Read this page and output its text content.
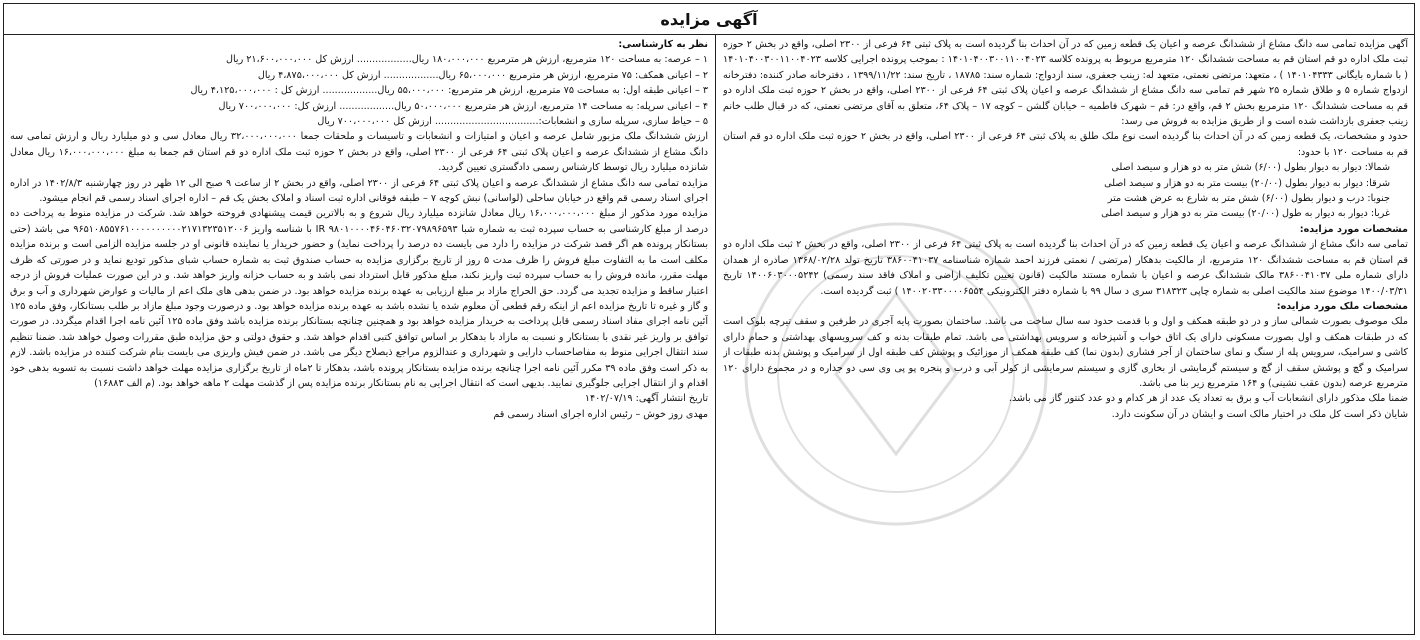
آگهی مزایده

آگهی مزایده تمامی سه دانگ مشاع از ششدانگ عرصه و اعیان یک قطعه زمین که در آن احداث بنا گردیده است به پلاک ثبتی ۶۴ فرعی از ۲۳۰۰ اصلی، واقع در بخش ۲ حوزه ثبت ملک اداره دو قم استان قم به مساحت ششدانگ ۱۲۰ مترمربع مربوط به پرونده کلاسه ۱۴۰۱۰۴۰۰۳۰۰۱۱۰۰۴۰۲۳ : بموجب پرونده اجرایی کلاسه ۱۴۰۱۰۴۰۰۳۰۰۱۱۰۰۴۰۲۳ ( با شماره بایگانی ۱۴۰۱۰۴۳۳۳ ) ، متعهد: مرتضی نعمتی، متعهد له: زینب جعفری، سند ازدواج: شماره سند: ۱۸۷۸۵ ، تاریخ سند: ۱۳۹۹/۱۱/۲۲ ، دفترخانه صادر کننده: دفترخانه ازدواج شماره ۵ و طلاق شماره ۲۵ شهر قم تمامی سه دانگ مشاع از ششدانگ عرصه و اعیان پلاک ثبتی ۶۴ فرعی از ۲۳۰۰ اصلی، واقع در بخش ۲ حوزه ثبت ملک اداره دو قم به مساحت ششدانگ ۱۲۰ مترمربع بخش ۲ قم، واقع در: قم – شهرک فاطمیه – خیابان گلشن – کوچه ۱۷ – پلاک ۶۴، متعلق به آقای مرتضی نعمتی، که در قبال طلب خانم زینب جعفری بازداشت شده است و از طریق مزایده به فروش می رسد:

حدود و مشخصات، یک قطعه زمین که در آن احداث بنا گردیده است نوع ملک طلق به پلاک ثبتی ۶۴ فرعی از ۲۳۰۰ اصلی، واقع در بخش ۲ حوزه ثبت ملک اداره دو قم استان قم به مساحت ۱۲۰ با حدود:

شمالا: دیوار به دیوار بطول (۶/۰۰) شش متر به دو هزار و سیصد اصلی

شرقا: دیوار به دیوار بطول (۲۰/۰۰) بیست متر به دو هزار و سیصد اصلی

جنوبا: درب و دیوار بطول (۶/۰۰) شش متر به شارع به عرض هشت متر

غربا: دیوار به دیوار به طول (۲۰/۰۰) بیست متر به دو هزار و سیصد اصلی

مشخصات مورد مزایده:

تمامی سه دانگ مشاع از ششدانگ عرصه و اعیان یک قطعه زمین که در آن احداث بنا گردیده است به پلاک ثبتی ۶۴ فرعی از ۲۳۰۰ اصلی، واقع در بخش ۲ ثبت ملک اداره دو قم استان قم به مساحت ششدانگ ۱۲۰ مترمربع، از مالکیت بدهکار (مرتضی / نعمتی فرزند احمد شماره شناسنامه ۳۸۶۰۰۴۱۰۳۷ تاریخ تولد ۱۳۶۸/۰۲/۲۸ صادره از همدان دارای شماره ملی ۳۸۶۰۰۴۱۰۳۷ مالک ششدانگ عرصه و اعیان با شماره مستند مالکیت (قانون تعیین تکلیف اراضی و املاک فاقد سند رسمی) ۱۴۰۰۶۰۳۰۰۰۵۲۴۲ تاریخ ۱۴۰۰/۰۳/۳۱ موضوع سند مالکیت اصلی به شماره چاپی ۳۱۸۳۲۳ سری د سال ۹۹ با شماره دفتر الکترونیکی ۱۴۰۰۲۰۳۳۰۰۰۰۶۵۵۴ ) ثبت گردیده است.

مشخصات ملک مورد مزایده:

ملک موصوف بصورت شمالی ساز و در دو طبقه همکف و اول و با قدمت حدود سه سال ساخت می باشد. ساختمان بصورت پایه آجری در طرفین و سقف تیرچه بلوک است که در طبقات همکف و اول بصورت مسکونی دارای یک اتاق خواب و آشپزخانه و سرویس بهداشتی می باشد. تمام طبقات بدنه و کف سرویسهای بهداشتی و حمام دارای کاشی و سرامیک، سرویس پله از سنگ و نمای ساختمان از آجر فشاری (بدون نما) کف طبقه همکف از موزائیک و پوشش کف طبقه اول از سرامیک و پوشش بدنه طبقات از سرامیک و گچ و پوشش سقف از گچ و سیستم گرمایشی از بخاری گازی و سیستم سرمایشی از کولر آبی و درب و پنجره پو پی وی سی دو جداره و در مجموع دارای ۱۲۰ مترمربع عرصه (بدون عقب نشینی) و ۱۶۴ مترمربع زیر بنا می باشد.

ضمنا ملک مذکور دارای انشعابات آب و برق به تعداد یک عدد از هر کدام و دو عدد کنتور گاز می باشد.

شایان ذکر است کل ملک در اختیار مالک است و ایشان در آن سکونت دارد.

نظر به کارشناسی:

۱ – عرصه: به مساحت ۱۲۰ مترمربع، ارزش هر مترمربع ۱۸۰،۰۰۰،۰۰۰ ریال.................. ارزش کل ۲۱،۶۰۰،۰۰۰،۰۰۰ ریال

۲ – اعیانی همکف: ۷۵ مترمربع، ارزش هر مترمربع ۶۵،۰۰۰،۰۰۰ ریال.................. ارزش کل ۴،۸۷۵،۰۰۰،۰۰۰ ریال

۳ – اعیانی طبقه اول: به مساحت ۷۵ مترمربع، ارزش هر مترمربع: ۵۵،۰۰۰،۰۰۰ ریال.................. ارزش کل : ۴،۱۲۵،۰۰۰،۰۰۰ ریال

۴ – اعیانی سرپله: به مساحت ۱۴ مترمربع، ارزش هر مترمربع ۵۰،۰۰۰،۰۰۰ ریال.................. ارزش کل: ۷۰۰،۰۰۰،۰۰۰ ریال

۵ – حیاط سازی، سرپله سازی و انشعابات:.................................. ارزش کل ۷۰۰،۰۰۰،۰۰۰ ریال

ارزش ششدانگ ملک مزبور شامل عرصه و اعیان و امتیازات و انشعابات و تاسیسات و ملحقات جمعا ۳۲،۰۰۰،۰۰۰،۰۰۰ ریال معادل سی و دو میلیارد ریال و ارزش تمامی سه دانگ مشاع از ششدانگ عرصه و اعیان پلاک ثبتی ۶۴ فرعی از ۲۳۰۰ اصلی، واقع در بخش ۲ حوزه ثبت ملک اداره دو قم استان قم جمعا به مبلغ ۱۶،۰۰۰،۰۰۰،۰۰۰ ریال معادل شانزده میلیارد ریال توسط کارشناس رسمی دادگستری تعیین گردید.

مزایده تمامی سه دانگ مشاع از ششدانگ عرصه و اعیان پلاک ثبتی ۶۴ فرعی از ۲۳۰۰ اصلی، واقع در بخش ۲ از ساعت ۹ صبح الی ۱۲ ظهر در روز چهارشنبه ۱۴۰۲/۸/۳ در اداره اجرای اسناد رسمی قم واقع در خیابان ساحلی (لواسانی) نبش کوچه ۷ – طبقه فوقانی اداره ثبت اسناد و املاک بخش یک قم – اداره اجرای اسناد رسمی قم انجام میشود.

مزایده مورد مذکور از مبلغ ۱۶،۰۰۰،۰۰۰،۰۰۰ ریال معادل شانزده میلیارد ریال شروع و به بالاترین قیمت پیشنهادی فروخته خواهد شد. شرکت در مزایده منوط به پرداخت ده درصد از مبلغ کارشناسی به حساب سپرده ثبت به شماره شبا IR ۹۸۰۱۰۰۰۰۴۶۰۴۶۰۳۲۰۷۹۸۹۶۵۹۳ با شناسه واریز ۹۶۵۱۰۸۵۵۷۶۱۰۰۰۰۰۰۰۰۰۰۲۱۷۱۳۲۳۵۱۲۰۰۶ می باشد (حتی بستانکار پرونده هم اگر قصد شرکت در مزایده را دارد می بایست ده درصد را پرداخت نماید) و حضور خریدار یا نماینده قانونی او در جلسه مزایده الزامی است و برنده مزایده مکلف است ما به التفاوت مبلغ فروش را ظرف مدت ۵ روز از تاریخ برگزاری مزایده به حساب صندوق ثبت به شماره حساب شبای مذکور تودیع نماید و در صورتی که ظرف مهلت مقرر، مانده فروش را به حساب سپرده ثبت واریز نکند، مبلغ مذکور قابل استرداد نمی باشد و به حساب خزانه واریز خواهد شد. و در این صورت عملیات فروش از درجه اعتبار ساقط و مزایده تجدید می گردد. حق الحراج مازاد بر مبلغ ارزیابی به عهده برنده مزایده خواهد بود. در ضمن بدهی های ملک اعم از مالیات و عوارض شهرداری و آب و برق و گاز و غیره تا تاریخ مزایده اعم از اینکه رقم قطعی آن معلوم شده یا نشده باشد به عهده برنده مزایده خواهد بود. و درصورت وجود مبلغ مازاد بر طلب بستانکار، وفق ماده ۱۲۵ آئین نامه اجرای مفاد اسناد رسمی قابل پرداخت به خریدار مزایده خواهد بود و همچنین چنانچه بستانکار برنده مزایده باشد وفق ماده ۱۲۵ آئین نامه اجرا اقدام میگردد. در صورت توافق بر واریز غیر نقدی با بستانکار و نسبت به مازاد با بدهکار بر اساس توافق کتبی اقدام خواهد شد. و حقوق دولتی و حق مزایده طبق مقررات وصول خواهد شد. ضمنا تنظیم سند انتقال اجرایی منوط به مفاصاحساب دارایی و شهرداری و عندالزوم مراجع ذیصلاح دیگر می باشد. در ضمن فیش واریزی می بایست بنام شرکت کننده در مزایده باشد. لازم به ذکر است وفق ماده ۳۹ مکرر آئین نامه اجرا چنانچه برنده مزایده بستانکار پرونده باشد، بدهکار تا ۲ماه از تاریخ برگزاری مزایده مهلت خواهد داشت نسبت به تسویه بدهی خود اقدام و از انتقال اجرایی جلوگیری نمایید. بدیهی است که انتقال اجرایی به نام بستانکار برنده مزایده پس از گذشت مهلت ۲ ماهه خواهد بود. (م الف ۱۶۸۸۳)

تاریخ انتشار آگهی: ۱۴۰۲/۰۷/۱۹

مهدی روز خوش – رئیس اداره اجرای اسناد رسمی قم
